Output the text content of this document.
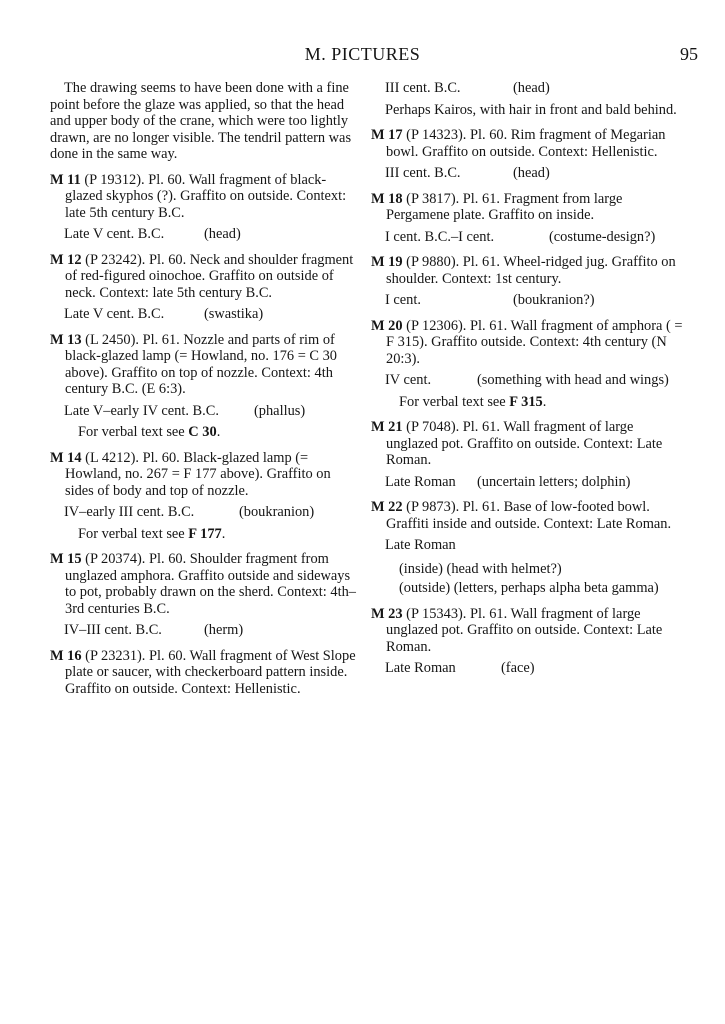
M. PICTURES	95

The drawing seems to have been done with a fine point before the glaze was applied, so that the head and upper body of the crane, which were too lightly drawn, are no longer visible. The tendril pattern was done in the same way.

M 11 (P 19312). Pl. 60. Wall fragment of black-glazed skyphos (?). Graffito on outside. Context: late 5th century B.C.

Late V cent. B.C.	(head)

M 12 (P 23242). Pl. 60. Neck and shoulder fragment of red-figured oinochoe. Graffito on outside of neck. Context: late 5th century B.C.

Late V cent. B.C.	(swastika)

M 13 (L 2450). Pl. 61. Nozzle and parts of rim of black-glazed lamp (= Howland, no. 176 = C 30 above). Graffito on top of nozzle. Context: 4th century B.C. (E 6:3).

Late V–early IV cent. B.C. (phallus)
For verbal text see C 30.

M 14 (L 4212). Pl. 60. Black-glazed lamp (= Howland, no. 267 = F 177 above). Graffito on sides of body and top of nozzle.

IV–early III cent. B.C.	(boukranion)
For verbal text see F 177.

M 15 (P 20374). Pl. 60. Shoulder fragment from unglazed amphora. Graffito outside and sideways to pot, probably drawn on the sherd. Context: 4th–3rd centuries B.C.

IV–III cent. B.C.	(herm)

M 16 (P 23231). Pl. 60. Wall fragment of West Slope plate or saucer, with checkerboard pattern inside. Graffito on outside. Context: Hellenistic.

III cent. B.C.	(head)

Perhaps Kairos, with hair in front and bald behind.

M 17 (P 14323). Pl. 60. Rim fragment of Megarian bowl. Graffito on outside. Context: Hellenistic.

III cent. B.C.	(head)

M 18 (P 3817). Pl. 61. Fragment from large Pergamene plate. Graffito on inside.

I cent. B.C.–I cent.	(costume-design?)

M 19 (P 9880). Pl. 61. Wheel-ridged jug. Graffito on shoulder. Context: 1st century.

I cent.	(boukranion?)

M 20 (P 12306). Pl. 61. Wall fragment of amphora ( = F 315). Graffito outside. Context: 4th century (N 20:3).

IV cent.	(something with head and wings)
For verbal text see F 315.

M 21 (P 7048). Pl. 61. Wall fragment of large unglazed pot. Graffito on outside. Context: Late Roman.

Late Roman (uncertain letters; dolphin)

M 22 (P 9873). Pl. 61. Base of low-footed bowl. Graffiti inside and outside. Context: Late Roman.

Late Roman
(inside) (head with helmet?)
(outside) (letters, perhaps alpha beta gamma)

M 23 (P 15343). Pl. 61. Wall fragment of large unglazed pot. Graffito on outside. Context: Late Roman.

Late Roman	(face)
